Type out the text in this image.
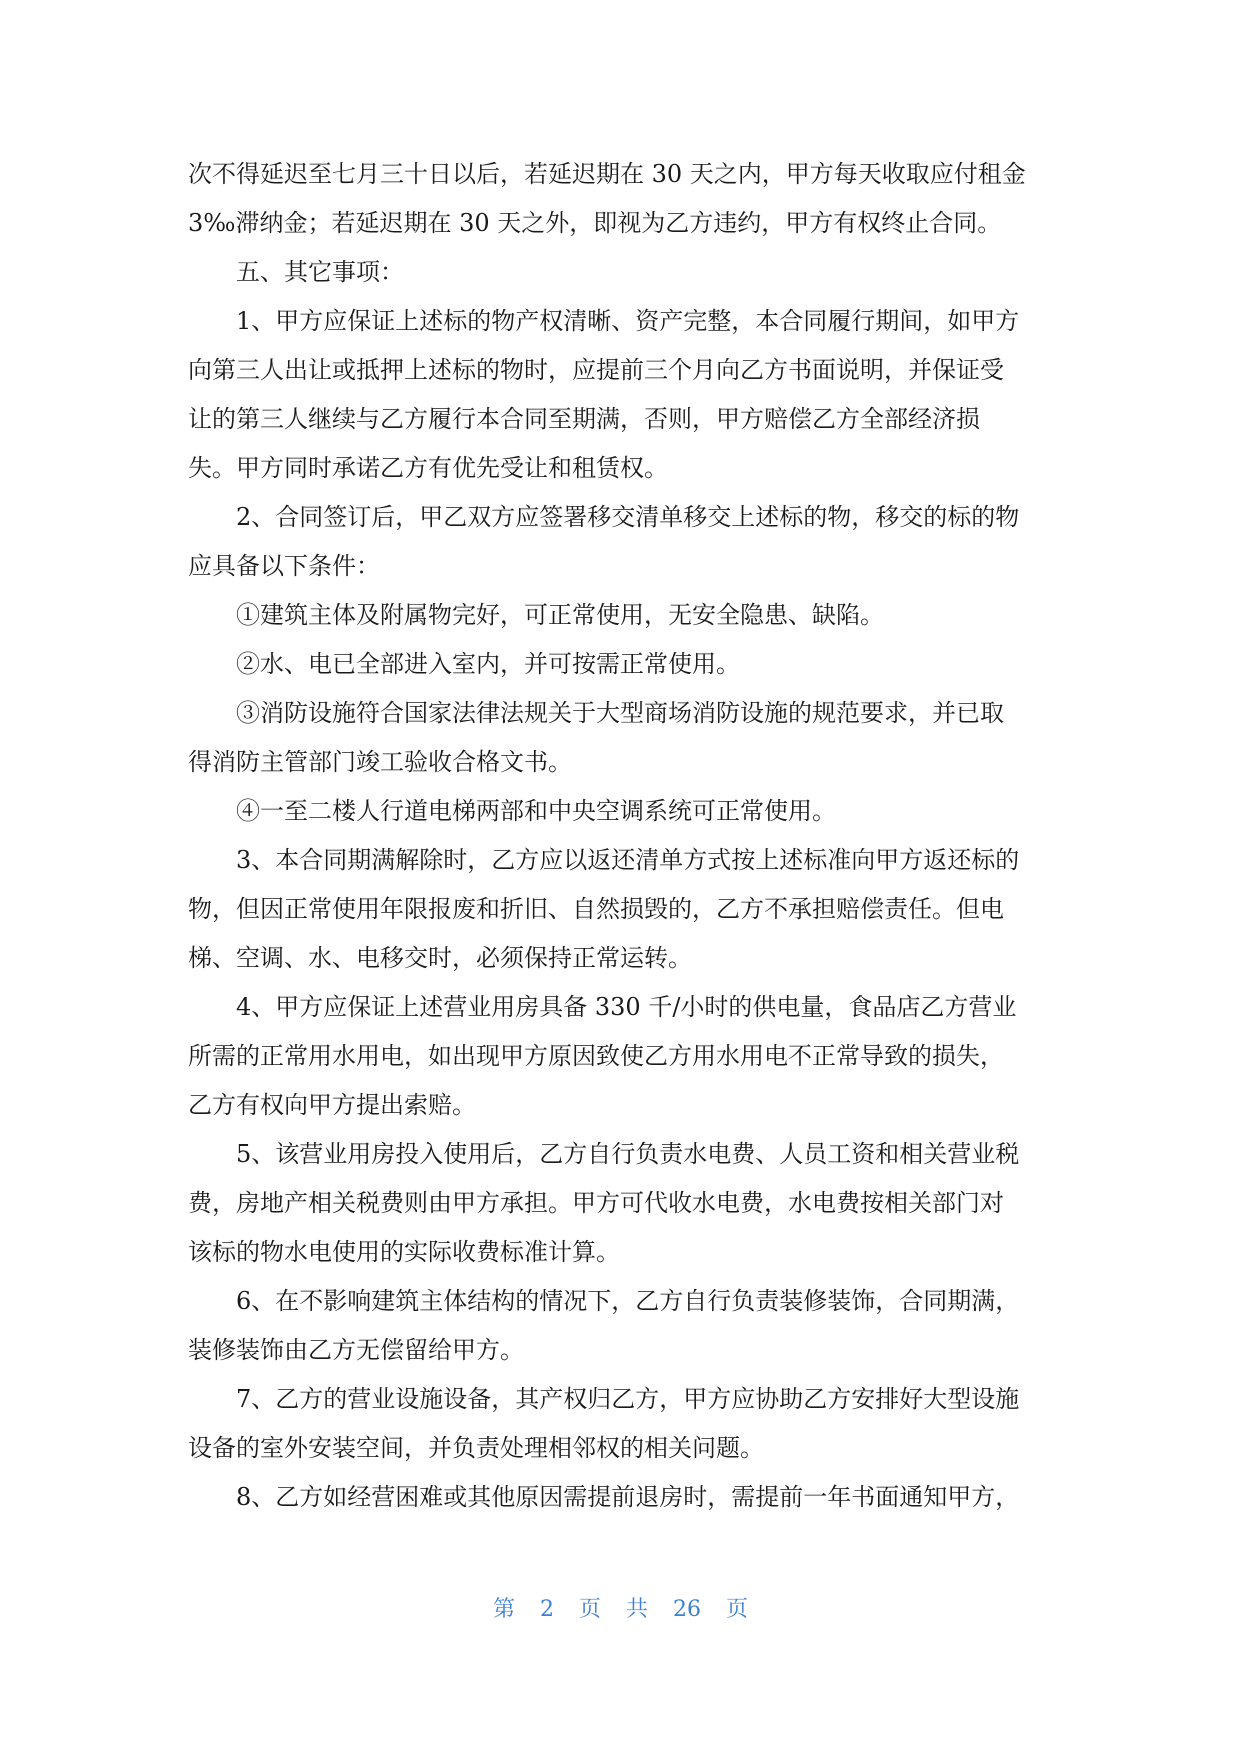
次不得延迟至七月三十日以后，若延迟期在 30 天之内，甲方每天收取应付租金
3‰滞纳金；若延迟期在 30 天之外，即视为乙方违约，甲方有权终止合同。
五、其它事项：
1、甲方应保证上述标的物产权清晰、资产完整，本合同履行期间，如甲方
向第三人出让或抵押上述标的物时，应提前三个月向乙方书面说明，并保证受
让的第三人继续与乙方履行本合同至期满，否则，甲方赔偿乙方全部经济损
失。甲方同时承诺乙方有优先受让和租赁权。
2、合同签订后，甲乙双方应签署移交清单移交上述标的物，移交的标的物
应具备以下条件：
①建筑主体及附属物完好，可正常使用，无安全隐患、缺陷。
②水、电已全部进入室内，并可按需正常使用。
③消防设施符合国家法律法规关于大型商场消防设施的规范要求，并已取
得消防主管部门竣工验收合格文书。
④一至二楼人行道电梯两部和中央空调系统可正常使用。
3、本合同期满解除时，乙方应以返还清单方式按上述标准向甲方返还标的
物，但因正常使用年限报废和折旧、自然损毁的，乙方不承担赔偿责任。但电
梯、空调、水、电移交时，必须保持正常运转。
4、甲方应保证上述营业用房具备 330 千/小时的供电量，食品店乙方营业
所需的正常用水用电，如出现甲方原因致使乙方用水用电不正常导致的损失，
乙方有权向甲方提出索赔。
5、该营业用房投入使用后，乙方自行负责水电费、人员工资和相关营业税
费，房地产相关税费则由甲方承担。甲方可代收水电费，水电费按相关部门对
该标的物水电使用的实际收费标准计算。
6、在不影响建筑主体结构的情况下，乙方自行负责装修装饰，合同期满，
装修装饰由乙方无偿留给甲方。
7、乙方的营业设施设备，其产权归乙方，甲方应协助乙方安排好大型设施
设备的室外安装空间，并负责处理相邻权的相关问题。
8、乙方如经营困难或其他原因需提前退房时，需提前一年书面通知甲方，
第 2 页 共 26 页
